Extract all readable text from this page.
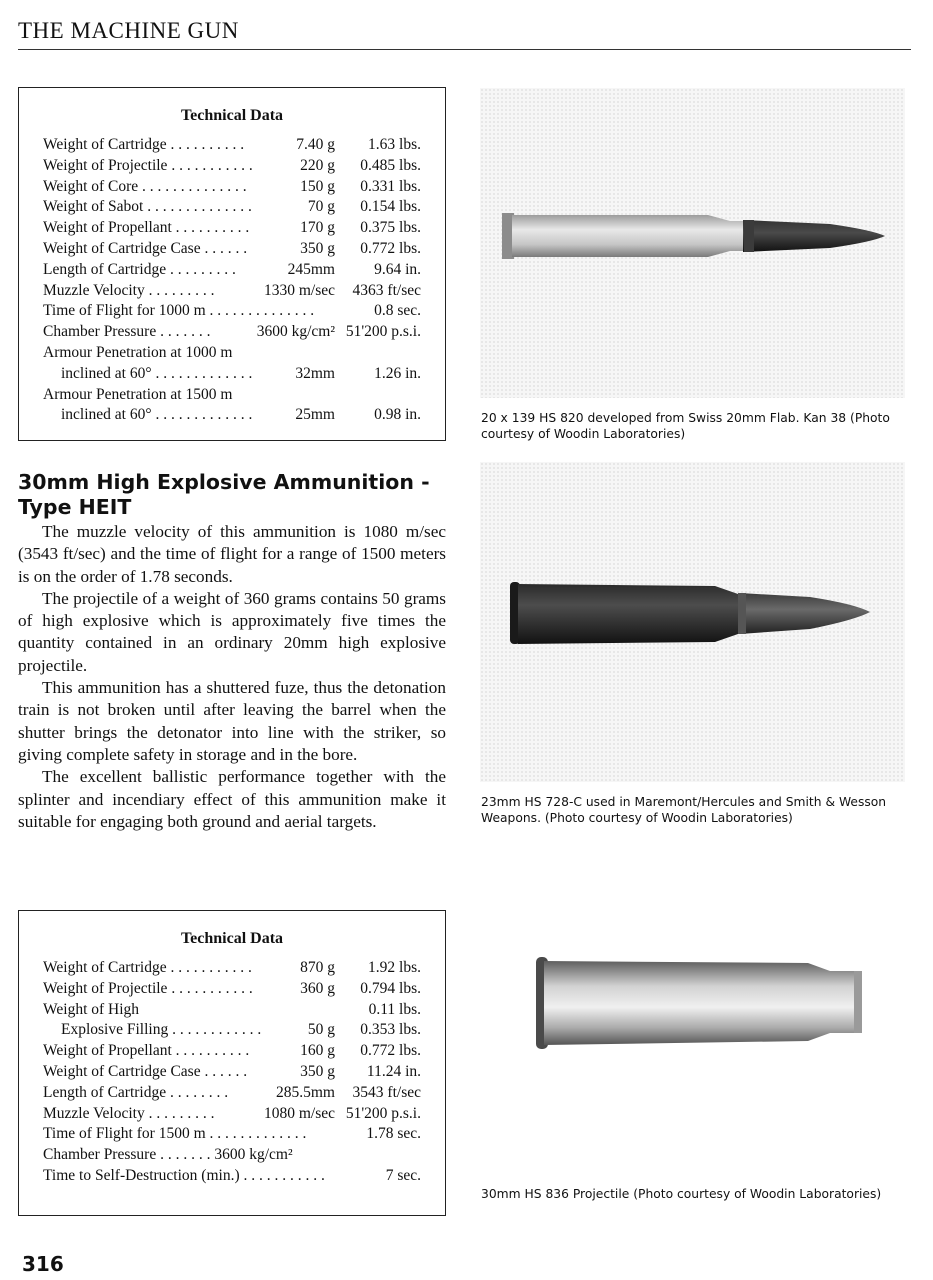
THE MACHINE GUN
Technical Data
Weight of Cartridge . . . . . . . . . .	7.40 g 1.63 lbs.
Weight of Projectile . . . . . . . . . . .	220 g 0.485 lbs.
Weight of Core . . . . . . . . . . . . . .	150 g 0.331 lbs.
Weight of Sabot . . . . . . . . . . . . . .	70 g 0.154 lbs.
Weight of Propellant . . . . . . . . . .	170 g 0.375 lbs.
Weight of Cartridge Case . . . . . .	350 g 0.772 lbs.
Length of Cartridge . . . . . . . . .	245mm	9.64 in.
Muzzle Velocity . . . . . . . . .	1330 m/sec 4363 ft/sec
Time of Flight for 1000 m . . . . . . . . . . . . . .	0.8 sec.
Chamber Pressure . . . . . . .	3600 kg/cm² 51'200 p.s.i.
Armour Penetration at 1000 m
inclined at 60° . . . . . . . . . . . . .	32mm	1.26 in.
Armour Penetration at 1500 m
inclined at 60° . . . . . . . . . . . . .	25mm	0.98 in.
30mm High Explosive Ammunition - Type HEIT

The muzzle velocity of this ammunition is 1080 m/sec (3543 ft/sec) and the time of flight for a range of 1500 meters is on the order of 1.78 seconds.

The projectile of a weight of 360 grams contains 50 grams of high explosive which is approximately five times the quantity contained in an ordinary 20mm high explosive projectile.

This ammunition has a shuttered fuze, thus the detonation train is not broken until after leaving the barrel when the shutter brings the detonator into line with the striker, so giving complete safety in storage and in the bore.

The excellent ballistic performance together with the splinter and incendiary effect of this ammunition make it suitable for engaging both ground and aerial targets.

Technical Data
Weight of Cartridge . . . . . . . . . . .	870 g 1.92 lbs.
Weight of Projectile . . . . . . . . . . .	360 g 0.794 lbs.
Weight of High	0.11 lbs.
Explosive Filling . . . . . . . . . . . .	50 g 0.353 lbs.
Weight of Propellant . . . . . . . . . .	160 g 0.772 lbs.
Weight of Cartridge Case . . . . . .	350 g 11.24 in.
Length of Cartridge . . . . . . . .	285.5mm 3543 ft/sec
Muzzle Velocity . . . . . . . . .	1080 m/sec 51'200 p.s.i.
Time of Flight for 1500 m . . . . . . . . . . . . .	1.78 sec.
Chamber Pressure . . . . . . . 3600 kg/cm²
Time to Self-Destruction (min.) . . . . . . . . . . .	7 sec.
20 x 139 HS 820 developed from Swiss 20mm Flab. Kan 38 (Photo courtesy of Woodin Laboratories)
23mm HS 728-C used in Maremont/Hercules and Smith & Wesson Weapons. (Photo courtesy of Woodin Laboratories)
30mm HS 836 Projectile (Photo courtesy of Woodin Laboratories)
316
